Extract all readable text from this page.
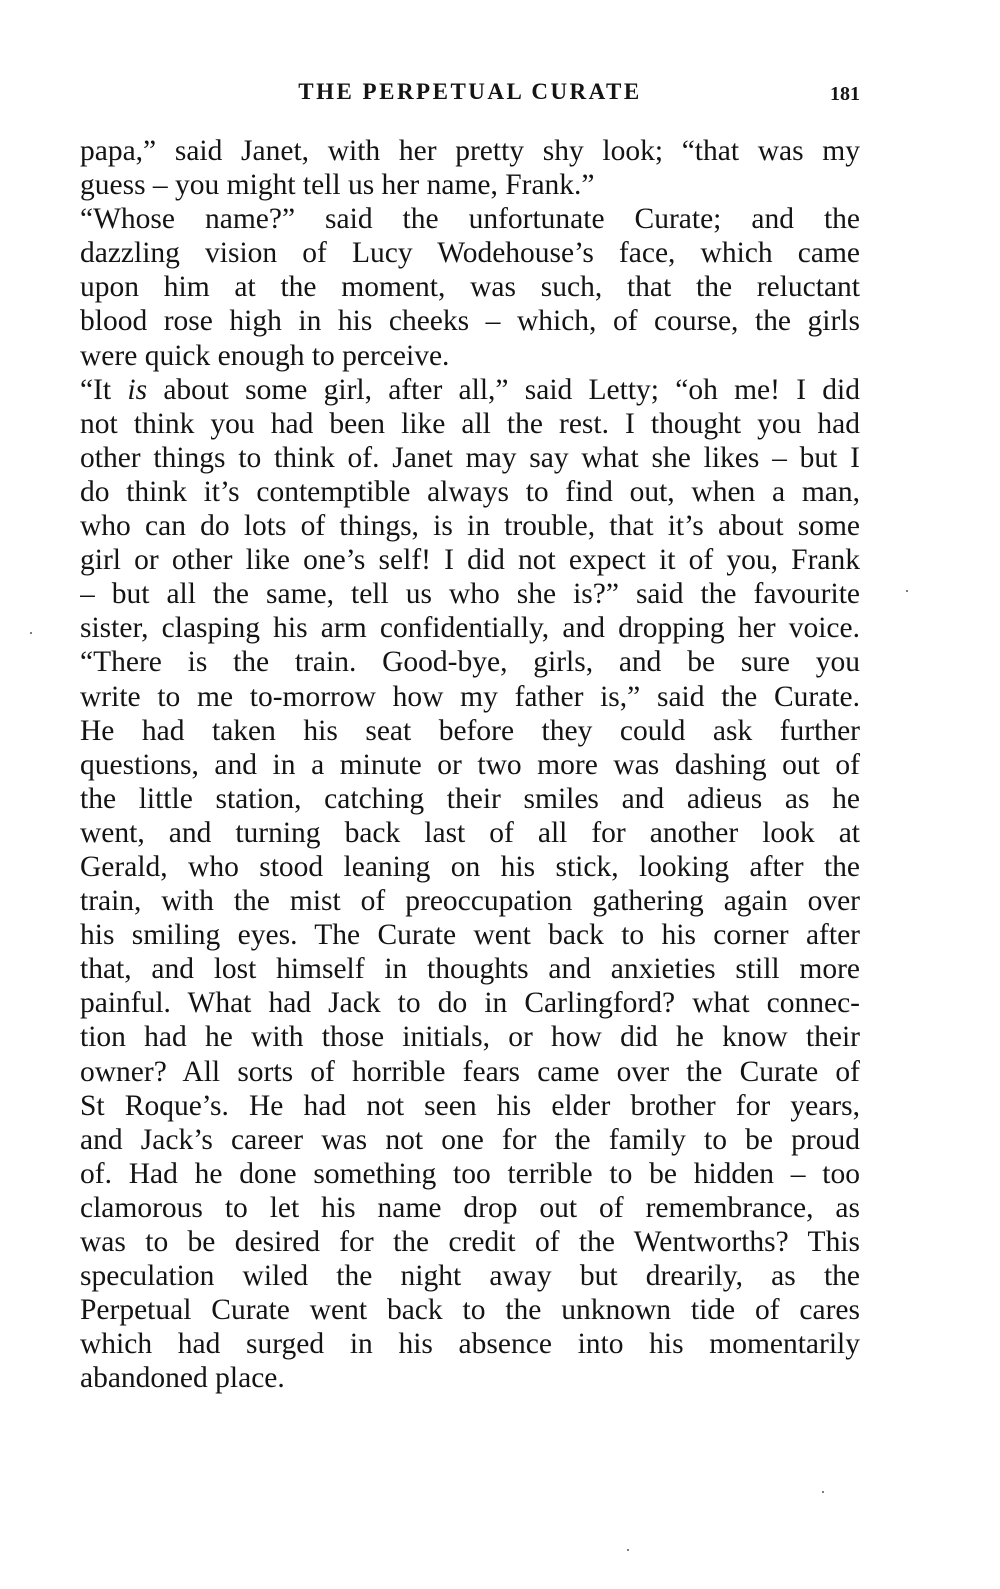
THE PERPETUAL CURATE	181
papa,” said Janet, with her pretty shy look; “that was my
guess – you might tell us her name, Frank.”
“Whose name?” said the unfortunate Curate; and the
dazzling vision of Lucy Wodehouse’s face, which came
upon him at the moment, was such, that the reluctant
blood rose high in his cheeks – which, of course, the girls
were quick enough to perceive.
“It is about some girl, after all,” said Letty; “oh me! I did
not think you had been like all the rest. I thought you had
other things to think of. Janet may say what she likes – but I
do think it’s contemptible always to find out, when a man,
who can do lots of things, is in trouble, that it’s about some
girl or other like one’s self! I did not expect it of you, Frank
– but all the same, tell us who she is?” said the favourite
sister, clasping his arm confidentially, and dropping her voice.
“There is the train. Good-bye, girls, and be sure you
write to me to-morrow how my father is,” said the Curate.
He had taken his seat before they could ask further
questions, and in a minute or two more was dashing out of
the little station, catching their smiles and adieus as he
went, and turning back last of all for another look at
Gerald, who stood leaning on his stick, looking after the
train, with the mist of preoccupation gathering again over
his smiling eyes. The Curate went back to his corner after
that, and lost himself in thoughts and anxieties still more
painful. What had Jack to do in Carlingford? what connec-
tion had he with those initials, or how did he know their
owner? All sorts of horrible fears came over the Curate of
St Roque’s. He had not seen his elder brother for years,
and Jack’s career was not one for the family to be proud
of. Had he done something too terrible to be hidden – too
clamorous to let his name drop out of remembrance, as
was to be desired for the credit of the Wentworths? This
speculation wiled the night away but drearily, as the
Perpetual Curate went back to the unknown tide of cares
which had surged in his absence into his momentarily
abandoned place.
